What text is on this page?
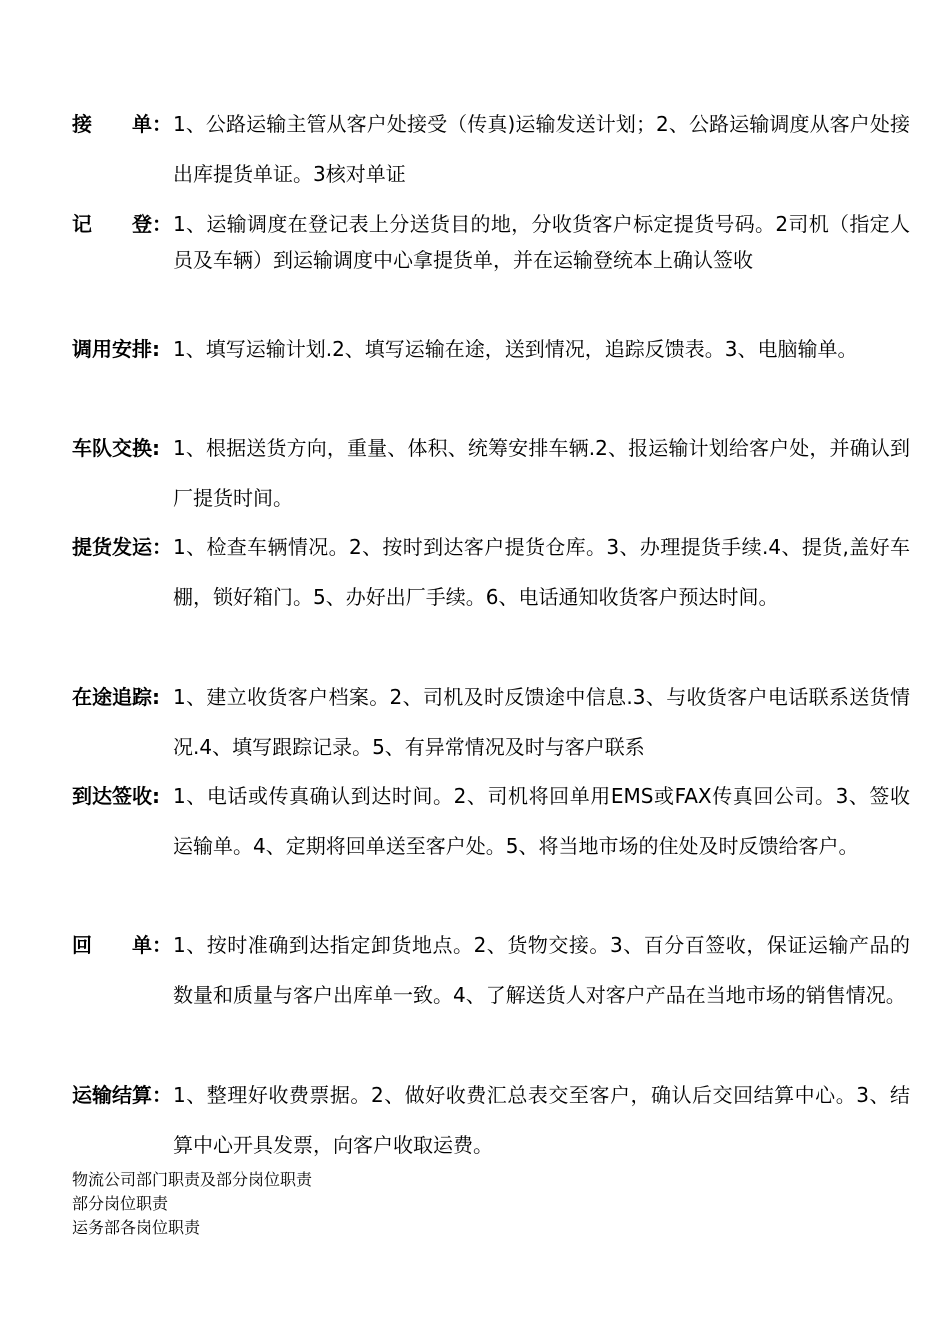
接　　单： 1、公路运输主管从客户处接受（传真)运输发送计划；2、公路运输调度从客户处接出库提货单证。3核对单证
记　　登： 1、运输调度在登记表上分送货目的地，分收货客户标定提货号码。2司机（指定人员及车辆）到运输调度中心拿提货单，并在运输登统本上确认签收
调用安排: 1、填写运输计划.2、填写运输在途，送到情况，追踪反馈表。3、电脑输单。
车队交换: 1、根据送货方向，重量、体积、统筹安排车辆.2、报运输计划给客户处，并确认到厂提货时间。
提货发运： 1、检查车辆情况。2、按时到达客户提货仓库。3、办理提货手续.4、提货,盖好车棚，锁好箱门。5、办好出厂手续。6、电话通知收货客户预达时间。
在途追踪: 1、建立收货客户档案。2、司机及时反馈途中信息.3、与收货客户电话联系送货情况.4、填写跟踪记录。5、有异常情况及时与客户联系
到达签收: 1、电话或传真确认到达时间。2、司机将回单用EMS或FAX传真回公司。3、签收运输单。4、定期将回单送至客户处。5、将当地市场的住处及时反馈给客户。
回　　单： 1、按时准确到达指定卸货地点。2、货物交接。3、百分百签收，保证运输产品的数量和质量与客户出库单一致。4、了解送货人对客户产品在当地市场的销售情况。
运输结算： 1、整理好收费票据。2、做好收费汇总表交至客户，确认后交回结算中心。3、结算中心开具发票，向客户收取运费。
物流公司部门职责及部分岗位职责
部分岗位职责
运务部各岗位职责
